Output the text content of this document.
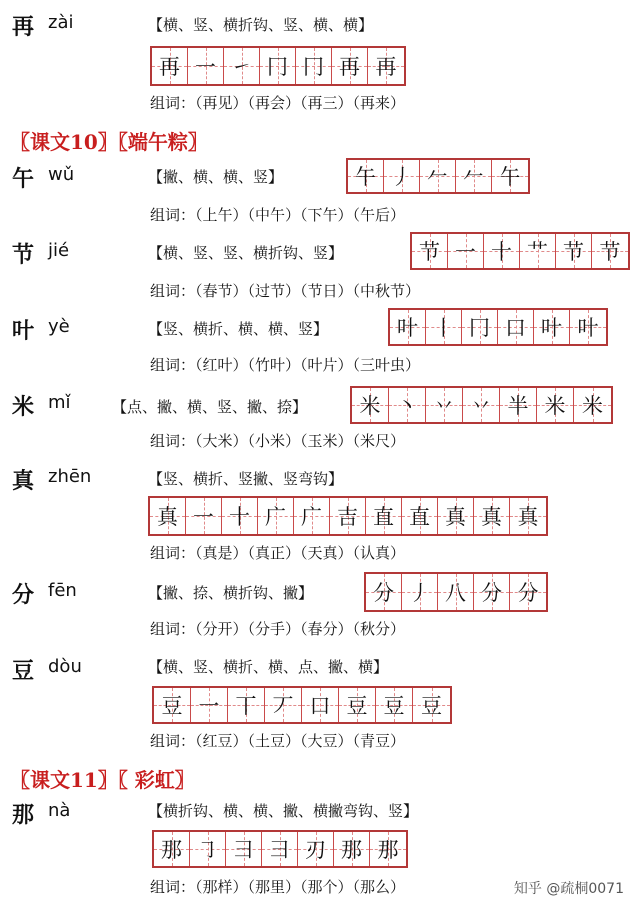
再 zài	【横、竖、横折钩、竖、横、横】
再 一 ㇀ 冂 冂 再 再
组词：（再见）（再会）（再三）（再来）
〖课文10〗〖端午粽〗
午 wǔ	【撇、横、横、竖】	午 丿 𠂉 𠂉 午
组词：（上午）（中午）（下午）（午后）
节 jié	【横、竖、竖、横折钩、竖】	节 一 十 艹 节 节
组词：（春节）（过节）（节日）（中秋节）
叶 yè	【竖、横折、横、横、竖】	叶 丨 冂 口 叶 叶
组词：（红叶）（竹叶）（叶片）（三叶虫）
米 mǐ	【点、撇、横、竖、撇、捺】 米 丶 丷 丷 半 米 米
组词：（大米）（小米）（玉米）（米尺）
真 zhēn	【竖、横折、竖撇、竖弯钩】
真 一 十 广 广 吉 直 直 真 真 真
组词：（真是）（真正）（天真）（认真）
分 fēn	【撇、捺、横折钩、撇】	分 丿 八 分 分
组词：（分开）（分手）（春分）（秋分）
豆 dòu	【横、竖、横折、横、点、撇、横】
豆 一 丅 丆 口 豆 豆 豆
组词：（红豆）（土豆）（大豆）（青豆）
〖课文11〗〖 彩虹〗
那 nà	【横折钩、横、横、撇、横撇弯钩、竖】
那 ㇆ 彐 彐 刃 那 那
组词：（那样）（那里）（那个）（那么）	知乎 @疏桐0071
